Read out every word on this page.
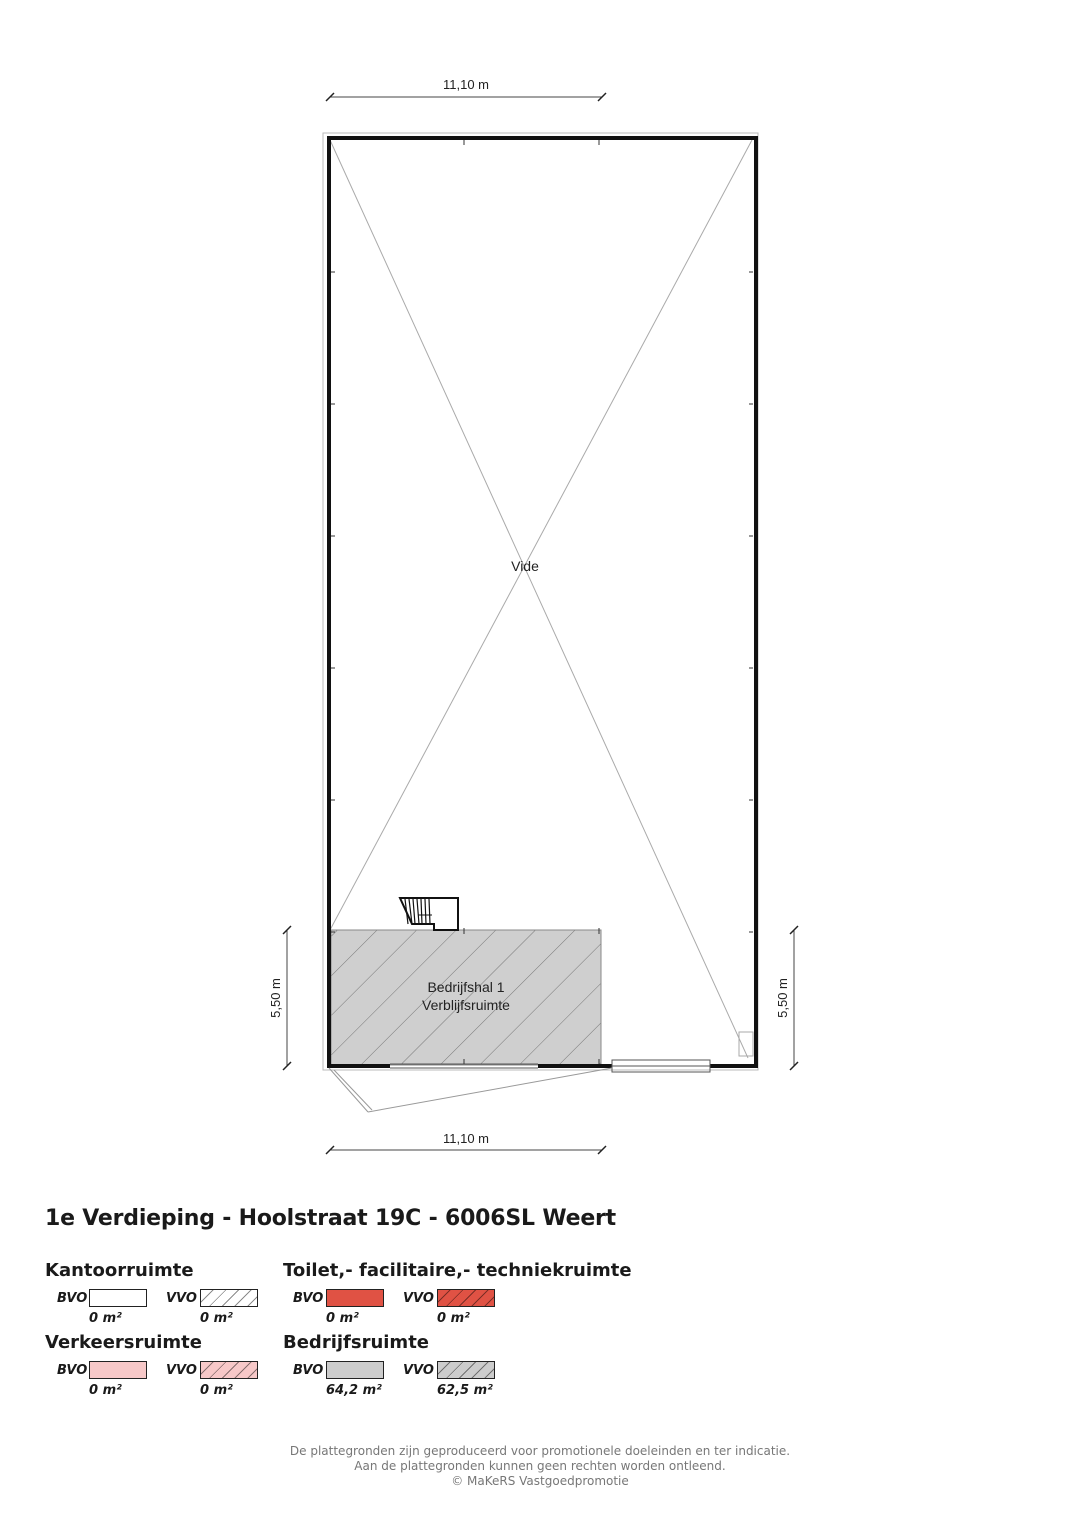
11,10 m
Vide
Bedrijfshal 1
Verblijfsruimte
5,50 m	5,50 m
11,10 m
1e Verdieping - Hoolstraat 19C - 6006SL Weert
Kantoorruimte
BVO
0 m²
VVO
0 m²
Toilet,- facilitaire,- techniekruimte
BVO
0 m²
VVO
0 m²
Verkeersruimte
BVO
0 m²
VVO
0 m²
Bedrijfsruimte
BVO
64,2 m²
VVO
62,5 m²
De plattegronden zijn geproduceerd voor promotionele doeleinden en ter indicatie.
Aan de plattegronden kunnen geen rechten worden ontleend.
© MaKeRS Vastgoedpromotie
